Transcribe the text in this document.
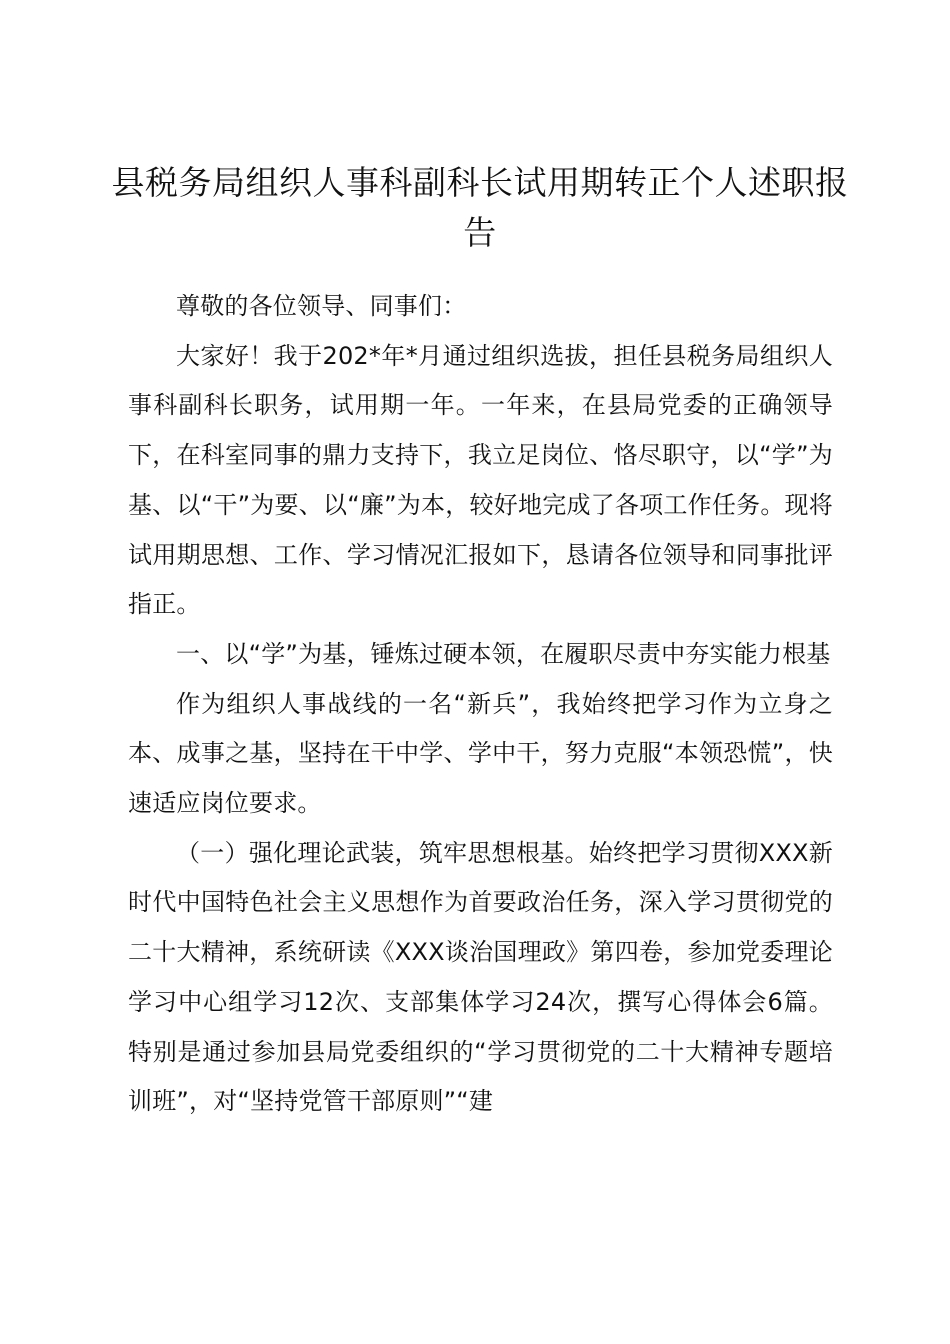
县税务局组织人事科副科长试用期转正个人述职报告

尊敬的各位领导、同事们：

大家好！我于202*年*月通过组织选拔，担任县税务局组织人事科副科长职务，试用期一年。一年来，在县局党委的正确领导下，在科室同事的鼎力支持下，我立足岗位、恪尽职守，以“学”为基、以“干”为要、以“廉”为本，较好地完成了各项工作任务。现将试用期思想、工作、学习情况汇报如下，恳请各位领导和同事批评指正。

一、以“学”为基，锤炼过硬本领，在履职尽责中夯实能力根基

作为组织人事战线的一名“新兵”，我始终把学习作为立身之本、成事之基，坚持在干中学、学中干，努力克服“本领恐慌”，快速适应岗位要求。

（一）强化理论武装，筑牢思想根基。始终把学习贯彻XXX新时代中国特色社会主义思想作为首要政治任务，深入学习贯彻党的二十大精神，系统研读《XXX谈治国理政》第四卷，参加党委理论学习中心组学习12次、支部集体学习24次，撰写心得体会6篇。特别是通过参加县局党委组织的“学习贯彻党的二十大精神专题培训班”，对“坚持党管干部原则”“建
